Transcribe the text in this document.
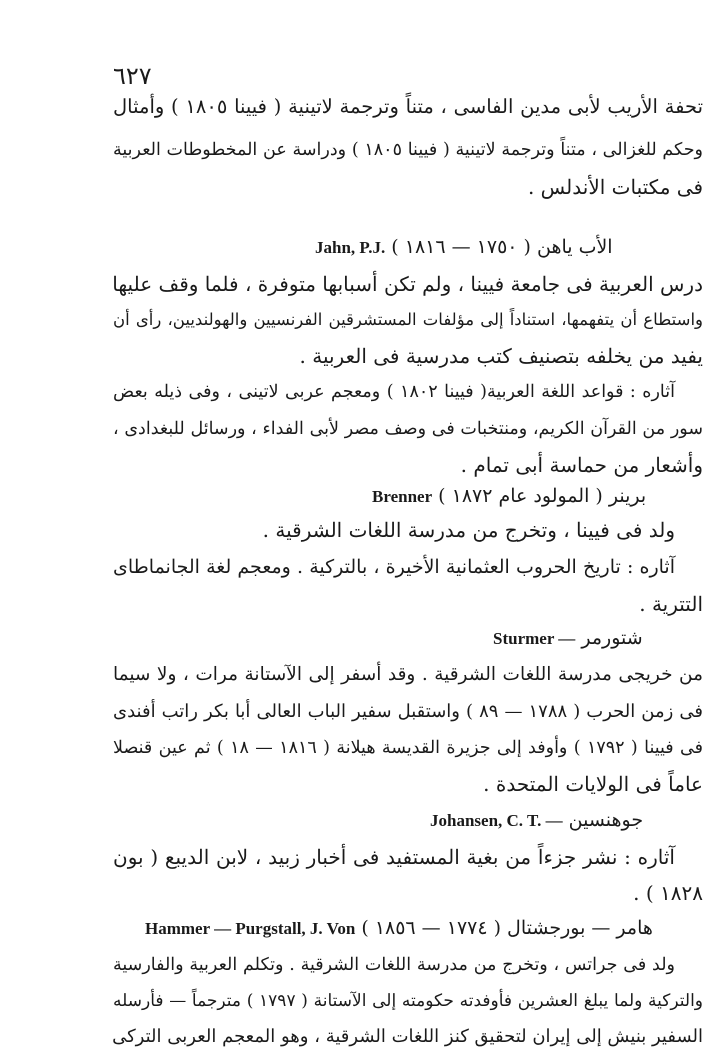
٦٢٧
تحفة الأريب لأبى مدين الفاسى ، متناً وترجمة لاتينية ( فيينا ١٨٠٥ ) وأمثال
وحكم للغزالى ، متناً وترجمة لاتينية ( فيينا ١٨٠٥ ) ودراسة عن المخطوطات العربية
فى مكتبات الأندلس .
Jahn, P.J. الأب ياهن ( ١٧٥٠ — ١٨١٦ )
درس العربية فى جامعة فيينا ، ولم تكن أسبابها متوفرة ، فلما وقف عليها
واستطاع أن يتفهمها، استناداً إلى مؤلفات المستشرقين الفرنسيين والهولنديين، رأى أن
يفيد من يخلفه بتصنيف كتب مدرسية فى العربية .
آثاره : قواعد اللغة العربية( فيينا ١٨٠٢ ) ومعجم عربى لاتينى ، وفى ذيله بعض
سور من القرآن الكريم، ومنتخبات فى وصف مصر لأبى الفداء ، ورسائل للبغدادى ،
وأشعار من حماسة أبى تمام .
Brenner برينر ( المولود عام ١٨٧٢ )
ولد فى فيينا ، وتخرج من مدرسة اللغات الشرقية .
آثاره : تاريخ الحروب العثمانية الأخيرة ، بالتركية . ومعجم لغة الجانماطاى
التترية .
Sturmer — شتورمر
من خريجى مدرسة اللغات الشرقية . وقد أسفر إلى الآستانة مرات ، ولا سيما
فى زمن الحرب ( ١٧٨٨ — ٨٩ ) واستقبل سفير الباب العالى أبا بكر راتب أفندى
فى فيينا ( ١٧٩٢ ) وأوفد إلى جزيرة القديسة هيلانة ( ١٨١٦ — ١٨ ) ثم عين قنصلا
عاماً فى الولايات المتحدة .
Johansen, C. T. — جوهنسين
آثاره : نشر جزءاً من بغية المستفيد فى أخبار زبيد ، لابن الديبع ( بون
١٨٢٨ ) .
Hammer — Purgstall, J. Von هامر — بورجشتال ( ١٧٧٤ — ١٨٥٦ )
ولد فى جراتس ، وتخرج من مدرسة اللغات الشرقية . وتكلم العربية والفارسية
والتركية ولما يبلغ العشرين فأوفدته حكومته إلى الآستانة ( ١٧٩٧ ) مترجماً — فأرسله
السفير بنيش إلى إيران لتحقيق كنز اللغات الشرقية ، وهو المعجم العربى التركى
